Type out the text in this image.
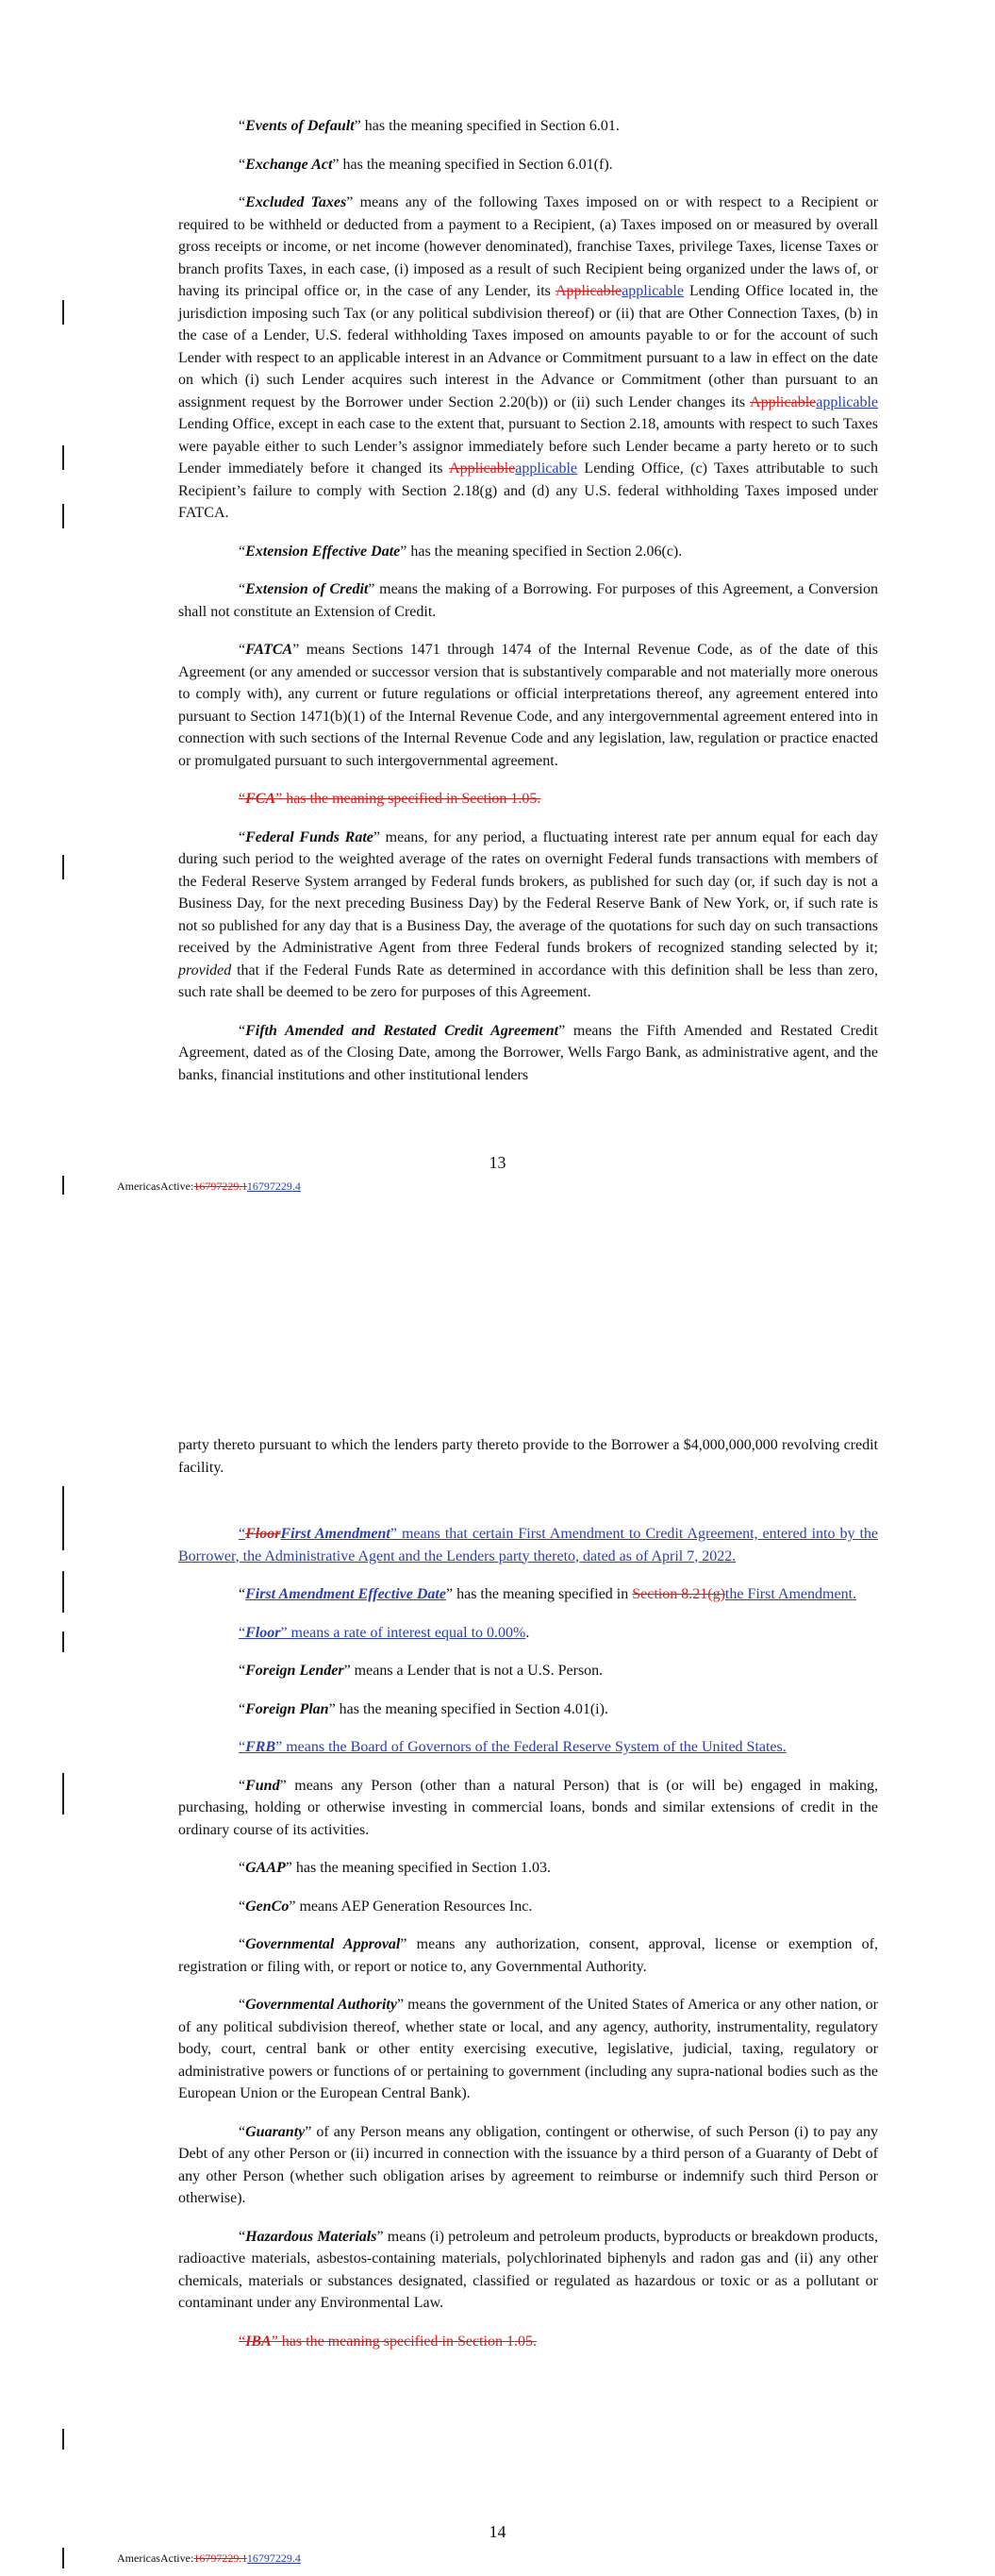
“Events of Default” has the meaning specified in Section 6.01.

“Exchange Act” has the meaning specified in Section 6.01(f).

“Excluded Taxes” means any of the following Taxes imposed on or with respect to a Recipient or required to be withheld or deducted from a payment to a Recipient, (a) Taxes imposed on or measured by overall gross receipts or income, or net income (however denominated), franchise Taxes, privilege Taxes, license Taxes or branch profits Taxes, in each case, (i) imposed as a result of such Recipient being organized under the laws of, or having its principal office or, in the case of any Lender, its Applicableapplicable Lending Office located in, the jurisdiction imposing such Tax (or any political subdivision thereof) or (ii) that are Other Connection Taxes, (b) in the case of a Lender, U.S. federal withholding Taxes imposed on amounts payable to or for the account of such Lender with respect to an applicable interest in an Advance or Commitment pursuant to a law in effect on the date on which (i) such Lender acquires such interest in the Advance or Commitment (other than pursuant to an assignment request by the Borrower under Section 2.20(b)) or (ii) such Lender changes its Applicableapplicable Lending Office, except in each case to the extent that, pursuant to Section 2.18, amounts with respect to such Taxes were payable either to such Lender’s assignor immediately before such Lender became a party hereto or to such Lender immediately before it changed its Applicableapplicable Lending Office, (c) Taxes attributable to such Recipient’s failure to comply with Section 2.18(g) and (d) any U.S. federal withholding Taxes imposed under FATCA.

“Extension Effective Date” has the meaning specified in Section 2.06(c).

“Extension of Credit” means the making of a Borrowing. For purposes of this Agreement, a Conversion shall not constitute an Extension of Credit.

“FATCA” means Sections 1471 through 1474 of the Internal Revenue Code, as of the date of this Agreement (or any amended or successor version that is substantively comparable and not materially more onerous to comply with), any current or future regulations or official interpretations thereof, any agreement entered into pursuant to Section 1471(b)(1) of the Internal Revenue Code, and any intergovernmental agreement entered into in connection with such sections of the Internal Revenue Code and any legislation, law, regulation or practice enacted or promulgated pursuant to such intergovernmental agreement.

“FCA” has the meaning specified in Section 1.05.

“Federal Funds Rate” means, for any period, a fluctuating interest rate per annum equal for each day during such period to the weighted average of the rates on overnight Federal funds transactions with members of the Federal Reserve System arranged by Federal funds brokers, as published for such day (or, if such day is not a Business Day, for the next preceding Business Day) by the Federal Reserve Bank of New York, or, if such rate is not so published for any day that is a Business Day, the average of the quotations for such day on such transactions received by the Administrative Agent from three Federal funds brokers of recognized standing selected by it; provided that if the Federal Funds Rate as determined in accordance with this definition shall be less than zero, such rate shall be deemed to be zero for purposes of this Agreement.

“Fifth Amended and Restated Credit Agreement” means the Fifth Amended and Restated Credit Agreement, dated as of the Closing Date, among the Borrower, Wells Fargo Bank, as administrative agent, and the banks, financial institutions and other institutional lenders

13
AmericasActive:16797229.116797229.4

party thereto pursuant to which the lenders party thereto provide to the Borrower a $4,000,000,000 revolving credit facility.

“FloorFirst Amendment” means that certain First Amendment to Credit Agreement, entered into by the Borrower, the Administrative Agent and the Lenders party thereto, dated as of April 7, 2022.

“First Amendment Effective Date” has the meaning specified in Section 8.21(g)the First Amendment.

“Floor” means a rate of interest equal to 0.00%.

“Foreign Lender” means a Lender that is not a U.S. Person.

“Foreign Plan” has the meaning specified in Section 4.01(i).

“FRB” means the Board of Governors of the Federal Reserve System of the United States.

“Fund” means any Person (other than a natural Person) that is (or will be) engaged in making, purchasing, holding or otherwise investing in commercial loans, bonds and similar extensions of credit in the ordinary course of its activities.

“GAAP” has the meaning specified in Section 1.03.

“GenCo” means AEP Generation Resources Inc.

“Governmental Approval” means any authorization, consent, approval, license or exemption of, registration or filing with, or report or notice to, any Governmental Authority.

“Governmental Authority” means the government of the United States of America or any other nation, or of any political subdivision thereof, whether state or local, and any agency, authority, instrumentality, regulatory body, court, central bank or other entity exercising executive, legislative, judicial, taxing, regulatory or administrative powers or functions of or pertaining to government (including any supra-national bodies such as the European Union or the European Central Bank).

“Guaranty” of any Person means any obligation, contingent or otherwise, of such Person (i) to pay any Debt of any other Person or (ii) incurred in connection with the issuance by a third person of a Guaranty of Debt of any other Person (whether such obligation arises by agreement to reimburse or indemnify such third Person or otherwise).

“Hazardous Materials” means (i) petroleum and petroleum products, byproducts or breakdown products, radioactive materials, asbestos-containing materials, polychlorinated biphenyls and radon gas and (ii) any other chemicals, materials or substances designated, classified or regulated as hazardous or toxic or as a pollutant or contaminant under any Environmental Law.

“IBA” has the meaning specified in Section 1.05.

14
AmericasActive:16797229.116797229.4
